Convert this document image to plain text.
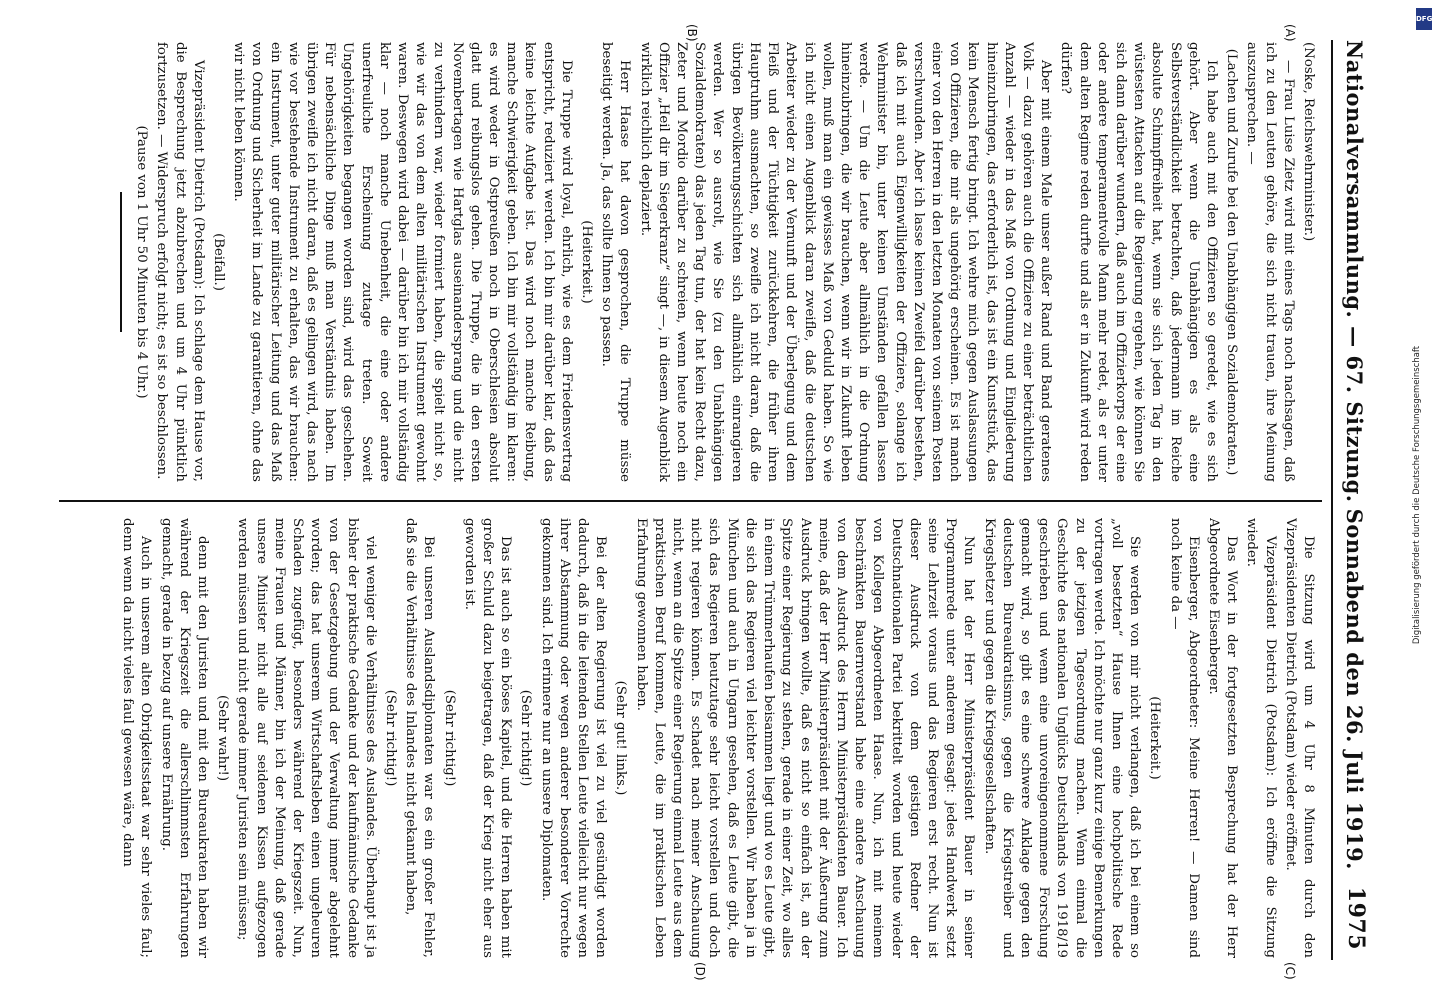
Nationalversammlung. — 67. Sitzung.
Sonnabend den 26. Juli 1919.
1975
(A)
(B)
(C)
(D)

(Noske, Reichswehrminister.)

— Frau Luise Zietz wird mit eines Tags noch nachsagen, daß ich zu den Leuten gehöre, die sich nicht trauen, ihre Meinung auszusprechen. —

(Lachen und Zurufe bei den Unabhängigen Sozialdemokraten.)

Ich habe auch mit den Offizieren so geredet, wie es sich gehört. Aber wenn die Unabhängigen es als eine Selbstverständlichkeit betrachten, daß jedermann im Reiche absolute Schimpffreiheit hat, wenn sie sich jeden Tag in den wüstesten Attacken auf die Regierung ergehen, wie können Sie sich dann darüber wundern, daß auch im Offizierkorps der eine oder andere temperamentvolle Mann mehr redet, als er unter dem alten Regime reden durfte und als er in Zukunft wird reden dürfen?

Aber mit einem Male unser außer Rand und Band geratenes Volk — dazu gehören auch die Offiziere zu einer beträchtlichen Anzahl — wieder in das Maß von Ordnung und Eingliederung hineinzubringen, das erforderlich ist, das ist ein Kunststück, das kein Mensch fertig bringt. Ich wehre mich gegen Auslassungen von Offizieren, die mir als ungehörig erscheinen. Es ist manch einer von den Herren in den letzten Monaten von seinem Posten verschwunden. Aber ich lasse keinen Zweifel darüber bestehen, daß ich mit auch Eigenwilligkeiten der Offiziere, solange ich Wehrminister bin, unter keinen Umständen gefallen lassen werde. — Um die Leute aber allmählich in die Ordnung hineinzubringen, die wir brauchen, wenn wir in Zukunft leben wollen, muß man ein gewisses Maß von Geduld haben. So wie ich nicht einen Augenblick daran zweifle, daß die deutschen Arbeiter wieder zu der Vernunft und der Überlegung und dem Fleiß und der Tüchtigkeit zurückkehren, die früher ihren Hauptruhm ausmachten, so zweifle ich nicht daran, daß die übrigen Bevölkerungsschichten sich allmählich einrangieren werden. Wer so ausrolt, wie Sie (zu den Unabhängigen Sozialdemokraten) das jeden Tag tun, der hat kein Recht dazu, Zeter und Mordio darüber zu schreien, wenn heute noch ein Offizier „Heil dir im Siegerkranz“ singt —, in diesem Augenblick wirklich reichlich deplaziert.

Herr Haase hat davon gesprochen, die Truppe müsse beseitigt werden. Ja, das sollte Ihnen so passen.

(Heiterkeit.)

Die Truppe wird loyal, ehrlich, wie es dem Friedensvertrag entspricht, reduziert werden. Ich bin mir darüber klar, daß das keine leichte Aufgabe ist. Das wird noch manche Reibung, manche Schwierigkeit geben. Ich bin mir vollständig im klaren: es wird weder in Ostpreußen noch in Oberschlesien absolut glatt und reibungslos gehen. Die Truppe, die in den ersten Novembertagen wie Hartglas auseinandersprang und die nicht zu verhindern war, wieder formiert haben, die spielt nicht so, wie wir das von dem alten militärischen Instrument gewohnt waren. Deswegen wird dabei — darüber bin ich mir vollständig klar — noch manche Unebenheit, die eine oder andere unerfreuliche Erscheinung zutage treten. Soweit Ungehörigkeiten begangen worden sind, wird das geschehen. Für nebensächliche Dinge muß man Verständnis haben. Im übrigen zweifle ich nicht daran, daß es gelingen wird, das nach wie vor bestehende Instrument zu erhalten, das wir brauchen: ein Instrument, unter guter militärischer Leitung und das Maß von Ordnung und Sicherheit im Lande zu garantieren, ohne das wir nicht leben können.

(Beifall.)

Vizepräsident Dietrich (Potsdam): Ich schlage dem Hause vor, die Besprechung jetzt abzubrechen und um 4 Uhr pünktlich fortzusetzen. — Widerspruch erfolgt nicht; es ist so beschlossen.

(Pause von 1 Uhr 50 Minuten bis 4 Uhr.)

Die Sitzung wird um 4 Uhr 8 Minuten durch den Vizepräsidenten Dietrich (Potsdam) wieder eröffnet.

Vizepräsident Dietrich (Potsdam): Ich eröffne die Sitzung wieder.

Das Wort in der fortgesetzten Besprechung hat der Herr Abgeordnete Eisenberger.

Eisenberger, Abgeordneter: Meine Herren! — Damen sind noch keine da —

(Heiterkeit.)

Sie werden von mir nicht verlangen, daß ich bei einem so „voll besetzten“ Hause Ihnen eine hochpolitische Rede vortragen werde. Ich möchte nur ganz kurz einige Bemerkungen zu der jetzigen Tagesordnung machen. Wenn einmal die Geschichte des nationalen Unglücks Deutschlands von 1918/19 geschrieben und wenn eine unvoreingenommene Forschung gemacht wird, so gibt es eine schwere Anklage gegen den deutschen Bureaukratismus, gegen die Kriegstreiber und Kriegshetzer und gegen die Kriegsgesellschaften.

Nun hat der Herr Ministerpräsident Bauer in seiner Programmrede unter anderem gesagt: jedes Handwerk setzt seine Lehrzeit voraus und das Regieren erst recht. Nun ist dieser Ausdruck von dem geistigen Redner der Deutschnationalen Partei bekrittelt worden und heute wieder von Kollegen Abgeordneten Haase. Nun, ich mit meinem beschränkten Bauernverstand habe eine andere Anschauung von dem Ausdruck des Herrn Ministerpräsidenten Bauer. Ich meine, daß der Herr Ministerpräsident mit der Äußerung zum Ausdruck bringen wollte, daß es nicht so einfach ist, an der Spitze einer Regierung zu stehen, gerade in einer Zeit, wo alles in einem Trümmerhaufen beisammen liegt und wo es Leute gibt, die sich das Regieren viel leichter vorstellen. Wir haben ja in München und auch in Ungarn gesehen, daß es Leute gibt, die sich das Regieren heutzutage sehr leicht vorstellen und doch nicht regieren können. Es schadet nach meiner Anschauung nicht, wenn an die Spitze einer Regierung einmal Leute aus dem praktischen Beruf kommen, Leute, die im praktischen Leben Erfahrung gewonnen haben.

(Sehr gut! links.)

Bei der alten Regierung ist viel zu viel gesündigt worden dadurch, daß in die leitenden Stellen Leute vielleicht nur wegen ihrer Abstammung oder wegen anderer besonderer Vorrechte gekommen sind. Ich erinnere nur an unsere Diplomaten.

(Sehr richtig!)

Das ist auch so ein böses Kapitel, und die Herren haben mit großer Schuld dazu beigetragen, daß der Krieg nicht eher aus geworden ist.

(Sehr richtig!)

Bei unseren Auslandsdiplomaten war es ein großer Fehler, daß sie die Verhältnisse des Inlandes nicht gekannt haben,

(Sehr richtig!)

viel weniger die Verhältnisse des Auslandes. Überhaupt ist ja bisher der praktische Gedanke und der kaufmännische Gedanke von der Gesetzgebung und der Verwaltung immer abgelehnt worden; das hat unserem Wirtschaftsleben einen ungeheuren Schaden zugefügt, besonders während der Kriegszeit. Nun, meine Frauen und Männer, bin ich der Meinung, daß gerade unsere Minister nicht alle auf seidenen Kissen aufgezogen werden müssen und nicht gerade immer Juristen sein müssen;

(Sehr wahr!)

denn mit den Juristen und mit den Bureaukraten haben wir während der Kriegszeit die allerschlimmsten Erfahrungen gemacht, gerade in bezug auf unsere Ernährung.

Auch in unserem alten Obrigkeitsstaat war sehr vieles faul; denn wenn da nicht vieles faul gewesen wäre, dann

Digitalisierung gefördert durch die Deutsche Forschungsgemeinschaft
DFG
